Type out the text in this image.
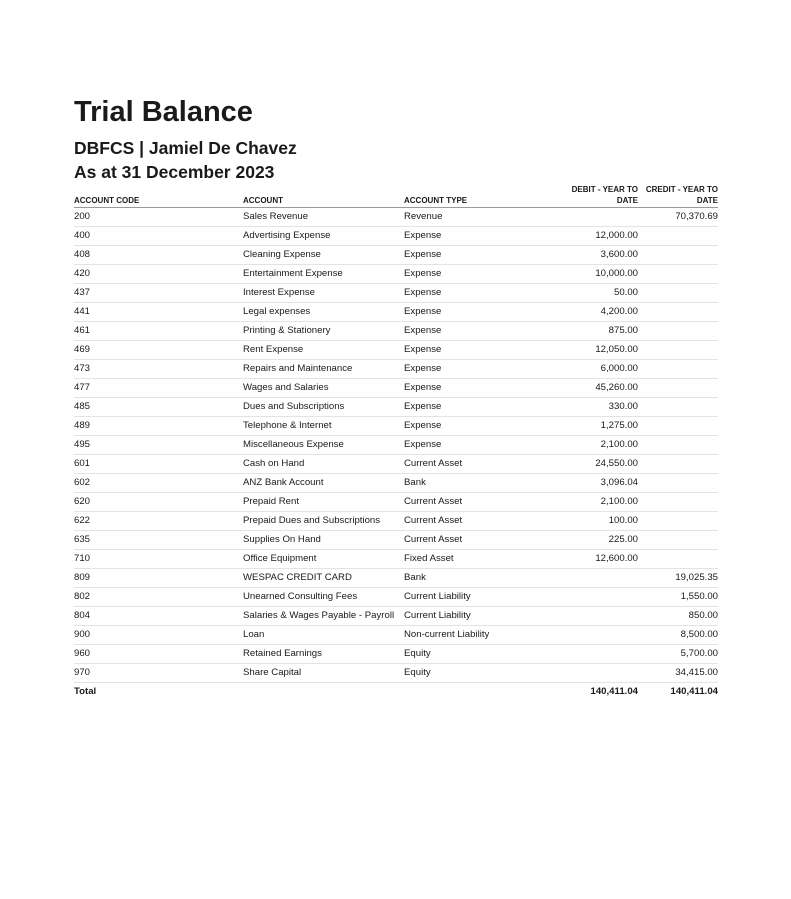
Trial Balance
DBFCS | Jamiel De Chavez
As at 31 December 2023
ACCOUNT CODE	ACCOUNT	ACCOUNT TYPE	DEBIT - YEAR TO DATE	CREDIT - YEAR TO DATE
200	Sales Revenue	Revenue		70,370.69
400	Advertising Expense	Expense	12,000.00	
408	Cleaning Expense	Expense	3,600.00	
420	Entertainment Expense	Expense	10,000.00	
437	Interest Expense	Expense	50.00	
441	Legal expenses	Expense	4,200.00	
461	Printing & Stationery	Expense	875.00	
469	Rent Expense	Expense	12,050.00	
473	Repairs and Maintenance	Expense	6,000.00	
477	Wages and Salaries	Expense	45,260.00	
485	Dues and Subscriptions	Expense	330.00	
489	Telephone & Internet	Expense	1,275.00	
495	Miscellaneous Expense	Expense	2,100.00	
601	Cash on Hand	Current Asset	24,550.00	
602	ANZ Bank Account	Bank	3,096.04	
620	Prepaid Rent	Current Asset	2,100.00	
622	Prepaid Dues and Subscriptions	Current Asset	100.00	
635	Supplies On Hand	Current Asset	225.00	
710	Office Equipment	Fixed Asset	12,600.00	
809	WESPAC CREDIT CARD	Bank		19,025.35
802	Unearned Consulting Fees	Current Liability		1,550.00
804	Salaries & Wages Payable - Payroll	Current Liability		850.00
900	Loan	Non-current Liability		8,500.00
960	Retained Earnings	Equity		5,700.00
970	Share Capital	Equity		34,415.00
Total			140,411.04	140,411.04
